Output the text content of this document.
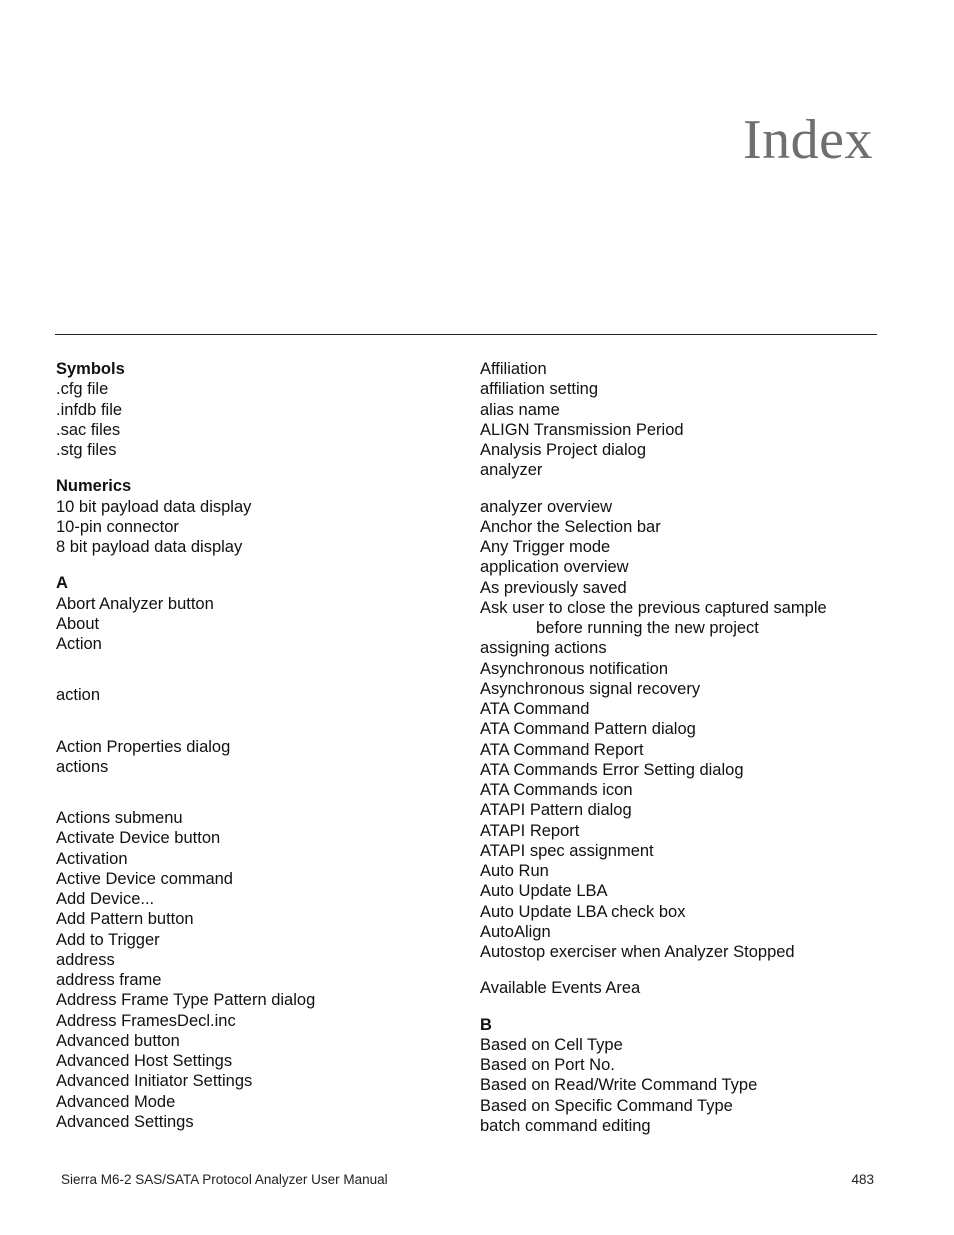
Index
Symbols
.cfg file
.infdb file
.sac files
.stg files
Numerics
10 bit payload data display
10-pin connector
8 bit payload data display
A
Abort Analyzer button
About
Action
action
Action Properties dialog
actions
Actions submenu
Activate Device button
Activation
Active Device command
Add Device...
Add Pattern button
Add to Trigger
address
address frame
Address Frame Type Pattern dialog
Address FramesDecl.inc
Advanced button
Advanced Host Settings
Advanced Initiator Settings
Advanced Mode
Advanced Settings
Affiliation
affiliation setting
alias name
ALIGN Transmission Period
Analysis Project dialog
analyzer
analyzer overview
Anchor the Selection bar
Any Trigger mode
application overview
As previously saved
Ask user to close the previous captured sample
before running the new project
assigning actions
Asynchronous notification
Asynchronous signal recovery
ATA Command
ATA Command Pattern dialog
ATA Command Report
ATA Commands Error Setting dialog
ATA Commands icon
ATAPI Pattern dialog
ATAPI Report
ATAPI spec assignment
Auto Run
Auto Update LBA
Auto Update LBA check box
AutoAlign
Autostop exerciser when Analyzer Stopped
Available Events Area
B
Based on Cell Type
Based on Port No.
Based on Read/Write Command Type
Based on Specific Command Type
batch command editing
Sierra M6-2 SAS/SATA Protocol Analyzer User Manual	483
